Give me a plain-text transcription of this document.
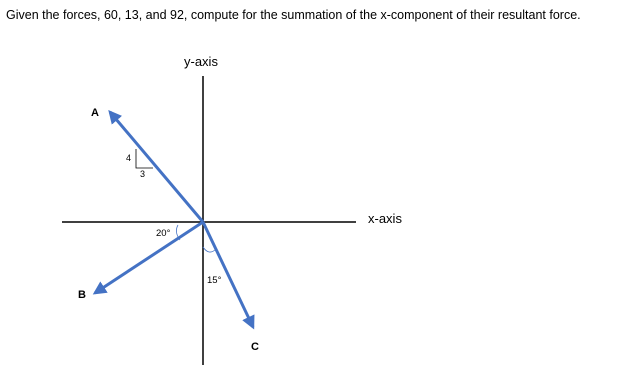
Given the forces, 60, 13, and 92, compute for the summation of the x-component of their resultant force.
x-axis
y-axis
A
4
3
B
20°
C
15°
